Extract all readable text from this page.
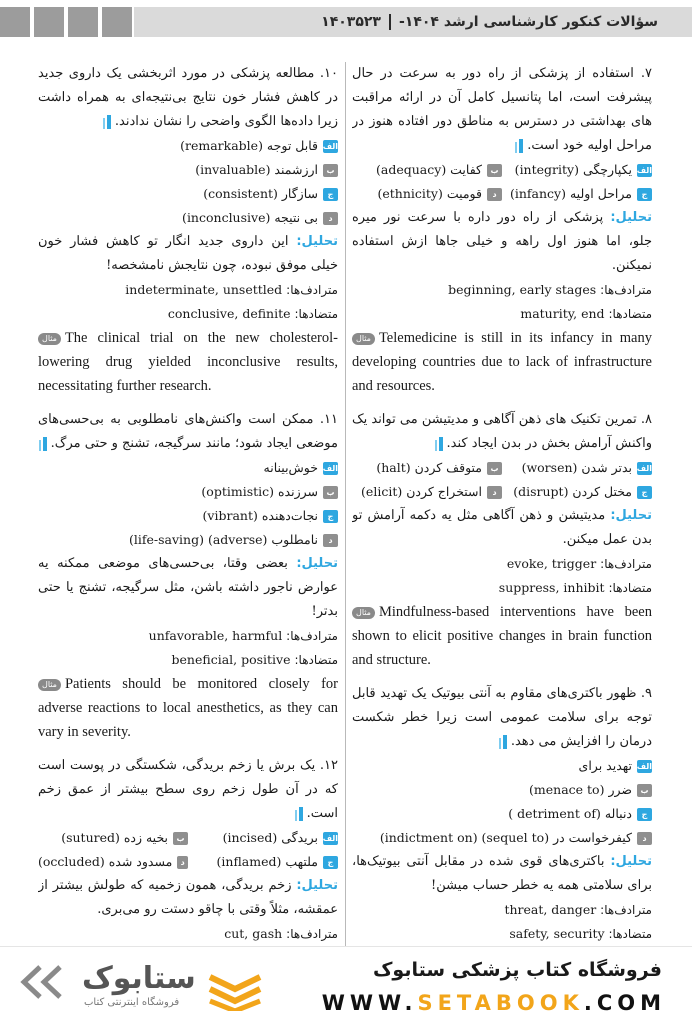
سؤالات کنکور کارشناسی ارشد ۱۴۰۴-۱۴۰۳۵۲۳
۷. استفاده از پزشکی از راه دور به سرعت در حال پیشرفت است، اما پتانسیل کامل آن در ارائه مراقبت های بهداشتی در دسترس به مناطق دور افتاده هنوز در مراحل اولیه خود است.
الف
یکپارچگی (integrity)
ب
کفایت (adequacy)
ج
مراحل اولیه (infancy)
د
قومیت (ethnicity)
تحلیل: پزشکی از راه دور داره با سرعت نور میره جلو، اما هنوز اول راهه و خیلی جاها ازش استفاده نمیکنن.
مترادف‌ها: beginning, early stages
متضادها: maturity, end
مثال Telemedicine is still in its infancy in many developing countries due to lack of infrastructure and resources.
۸. تمرین تکنیک های ذهن آگاهی و مدیتیشن می تواند یک واکنش آرامش بخش در بدن ایجاد کند.
الف
بدتر شدن (worsen)
ب
متوقف کردن (halt)
ج
مختل کردن (disrupt)
د
استخراج کردن (elicit)
تحلیل: مدیتیشن و ذهن آگاهی مثل یه دکمه آرامش تو بدن عمل میکنن.
مترادف‌ها: evoke, trigger
متضادها: suppress, inhibit
مثال Mindfulness-based interventions have been shown to elicit positive changes in brain function and structure.
۹. ظهور باکتری‌های مقاوم به آنتی بیوتیک یک تهدید قابل توجه برای سلامت عمومی است زیرا خطر شکست درمان را افزایش می دهد.
الف
تهدید برای
ب
ضرر (menace to)
ج
دنباله (detriment of )
د
کیفرخواست در (sequel to) (indictment on)
تحلیل: باکتری‌های قوی شده در مقابل آنتی بیوتیک‌ها، برای سلامتی همه یه خطر حساب میشن!
مترادف‌ها: threat, danger
متضادها: safety, security
۱۰. مطالعه پزشکی در مورد اثربخشی یک داروی جدید در کاهش فشار خون نتایج بی‌نتیجه‌ای به همراه داشت زیرا داده‌ها الگوی واضحی را نشان ندادند.
الف
قابل توجه (remarkable)
ب
ارزشمند (invaluable)
ج
سازگار (consistent)
د
بی نتیجه (inconclusive)
تحلیل: این داروی جدید انگار تو کاهش فشار خون خیلی موفق نبوده، چون نتایجش نامشخصه!
مترادف‌ها: indeterminate, unsettled
متضادها: conclusive, definite
مثال The clinical trial on the new cholesterol-lowering drug yielded inconclusive results, necessitating further research.
۱۱. ممکن است واکنش‌های نامطلوبی به بی‌حسی‌های موضعی ایجاد شود؛ مانند سرگیجه، تشنج و حتی مرگ.
الف
خوش‌بینانه
ب
سرزنده (optimistic)
ج
نجات‌دهنده (vibrant)
د
نامطلوب (adverse) (life-saving)
تحلیل: بعضی وقتا، بی‌حسی‌های موضعی ممکنه یه عوارض ناجور داشته باشن، مثل سرگیجه، تشنج یا حتی بدتر!
مترادف‌ها: unfavorable, harmful
متضادها: beneficial, positive
مثال Patients should be monitored closely for adverse reactions to local anesthetics, as they can vary in severity.
۱۲. یک برش یا زخم بریدگی، شکستگی در پوست است که در آن طول زخم روی سطح بیشتر از عمق زخم است.
الف
بریدگی (incised)
ب
بخیه زده (sutured)
ج
ملتهب (inflamed)
د
مسدود شده (occluded)
تحلیل: زخم بریدگی، همون زخمیه که طولش بیشتر از عمقشه، مثلاً وقتی با چاقو دستت رو می‌بری.
مترادف‌ها: cut, gash
ستابوک
فروشگاه اینترنتی کتاب
فروشگاه کتاب پزشکی ستابوک
WWW.SETABOOK.COM
